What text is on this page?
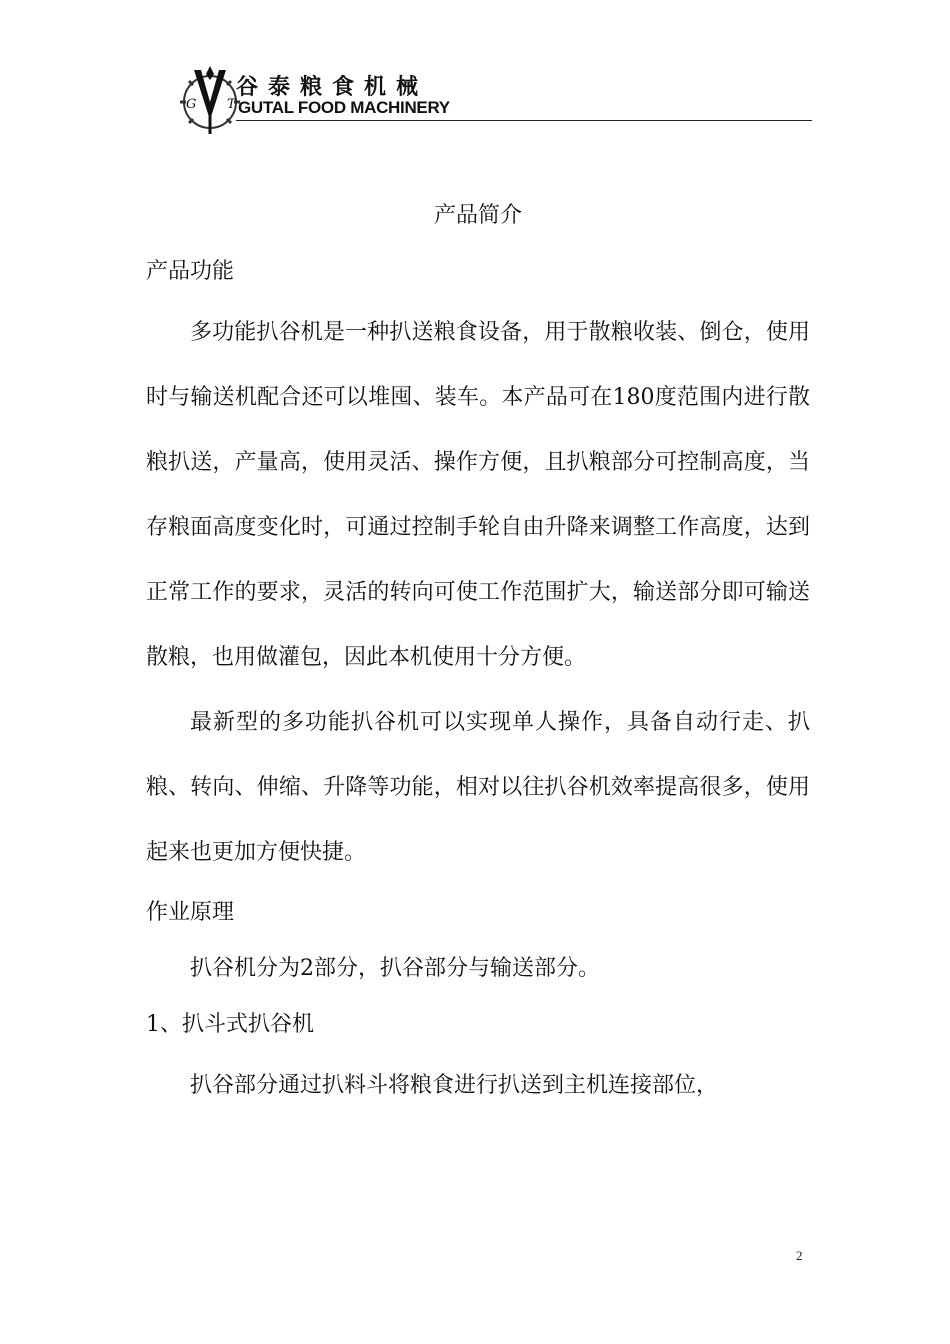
G T
谷泰粮食机械
GUTAL FOOD MACHINERY
产品简介
产品功能

多功能扒谷机是一种扒送粮食设备，用于散粮收装、倒仓，使用时与输送机配合还可以堆囤、装车。本产品可在180度范围内进行散粮扒送，产量高，使用灵活、操作方便，且扒粮部分可控制高度，当存粮面高度变化时，可通过控制手轮自由升降来调整工作高度，达到正常工作的要求，灵活的转向可使工作范围扩大，输送部分即可输送散粮，也用做灌包，因此本机使用十分方便。

最新型的多功能扒谷机可以实现单人操作，具备自动行走、扒粮、转向、伸缩、升降等功能，相对以往扒谷机效率提高很多，使用起来也更加方便快捷。

作业原理

扒谷机分为2部分，扒谷部分与输送部分。

1、扒斗式扒谷机

扒谷部分通过扒料斗将粮食进行扒送到主机连接部位，

2
